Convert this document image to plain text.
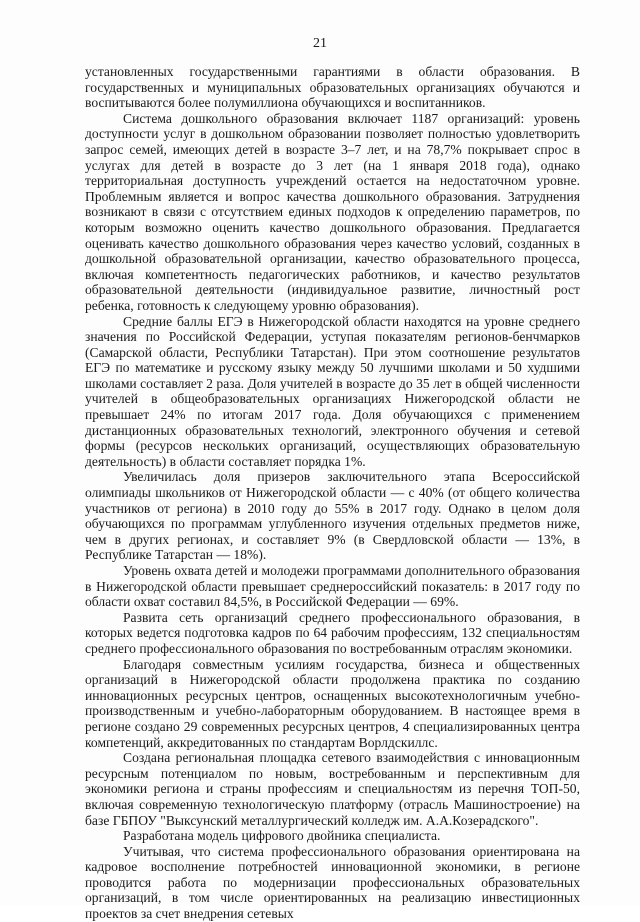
21

установленных государственными гарантиями в области образования. В государственных и муниципальных образовательных организациях обучаются и воспитываются более полумиллиона обучающихся и воспитанников.

Система дошкольного образования включает 1187 организаций: уровень доступности услуг в дошкольном образовании позволяет полностью удовлетворить запрос семей, имеющих детей в возрасте 3–7 лет, и на 78,7% покрывает спрос в услугах для детей в возрасте до 3 лет (на 1 января 2018 года), однако территориальная доступность учреждений остается на недостаточном уровне. Проблемным является и вопрос качества дошкольного образования. Затруднения возникают в связи с отсутствием единых подходов к определению параметров, по которым возможно оценить качество дошкольного образования. Предлагается оценивать качество дошкольного образования через качество условий, созданных в дошкольной образовательной организации, качество образовательного процесса, включая компетентность педагогических работников, и качество результатов образовательной деятельности (индивидуальное развитие, личностный рост ребенка, готовность к следующему уровню образования).

Средние баллы ЕГЭ в Нижегородской области находятся на уровне среднего значения по Российской Федерации, уступая показателям регионов-бенчмарков (Самарской области, Республики Татарстан). При этом соотношение результатов ЕГЭ по математике и русскому языку между 50 лучшими школами и 50 худшими школами составляет 2 раза. Доля учителей в возрасте до 35 лет в общей численности учителей в общеобразовательных организациях Нижегородской области не превышает 24% по итогам 2017 года. Доля обучающихся с применением дистанционных образовательных технологий, электронного обучения и сетевой формы (ресурсов нескольких организаций, осуществляющих образовательную деятельность) в области составляет порядка 1%.

Увеличилась доля призеров заключительного этапа Всероссийской олимпиады школьников от Нижегородской области — с 40% (от общего количества участников от региона) в 2010 году до 55% в 2017 году. Однако в целом доля обучающихся по программам углубленного изучения отдельных предметов ниже, чем в других регионах, и составляет 9% (в Свердловской области — 13%, в Республике Татарстан — 18%).

Уровень охвата детей и молодежи программами дополнительного образования в Нижегородской области превышает среднероссийский показатель: в 2017 году по области охват составил 84,5%, в Российской Федерации — 69%.

Развита сеть организаций среднего профессионального образования, в которых ведется подготовка кадров по 64 рабочим профессиям, 132 специальностям среднего профессионального образования по востребованным отраслям экономики.

Благодаря совместным усилиям государства, бизнеса и общественных организаций в Нижегородской области продолжена практика по созданию инновационных ресурсных центров, оснащенных высокотехнологичным учебно-производственным и учебно-лабораторным оборудованием. В настоящее время в регионе создано 29 современных ресурсных центров, 4 специализированных центра компетенций, аккредитованных по стандартам Ворлдскиллс.

Создана региональная площадка сетевого взаимодействия с инновационным ресурсным потенциалом по новым, востребованным и перспективным для экономики региона и страны профессиям и специальностям из перечня ТОП-50, включая современную технологическую платформу (отрасль Машиностроение) на базе ГБПОУ "Выксунский металлургический колледж им. А.А.Козерадского".

Разработана модель цифрового двойника специалиста.

Учитывая, что система профессионального образования ориентирована на кадровое восполнение потребностей инновационной экономики, в регионе проводится работа по модернизации профессиональных образовательных организаций, в том числе ориентированных на реализацию инвестиционных проектов за счет внедрения сетевых
